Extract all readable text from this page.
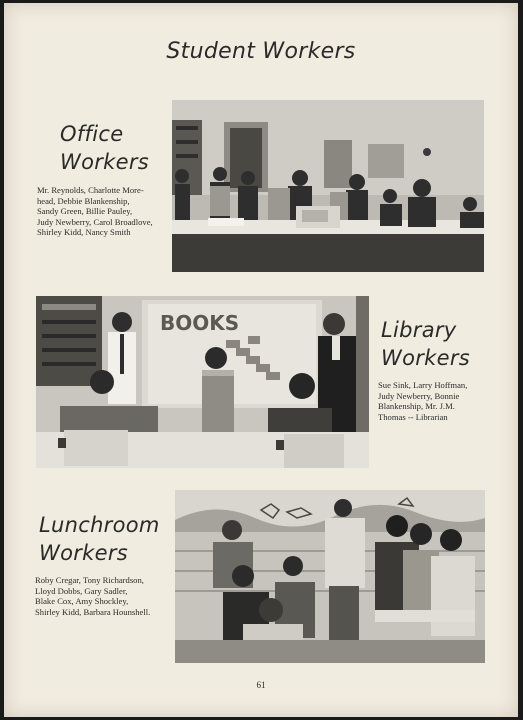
Student Workers
Office
Workers
Mr. Reynolds, Charlotte More-
head, Debbie Blankenship,
Sandy Green, Billie Pauley,
Judy Newberry, Carol Broadlove,
Shirley Kidd, Nancy Smith
BOOKS	Library
Workers
Sue Sink, Larry Hoffman,
Judy Newberry, Bonnie
Blankenship, Mr. J.M.
Thomas -- Librarian
Lunchroom
Workers
Roby Cregar, Tony Richardson,
Lloyd Dobbs, Gary Sadler,
Blake Cox, Amy Shockley,
Shirley Kidd, Barbara Hounshell.
61
